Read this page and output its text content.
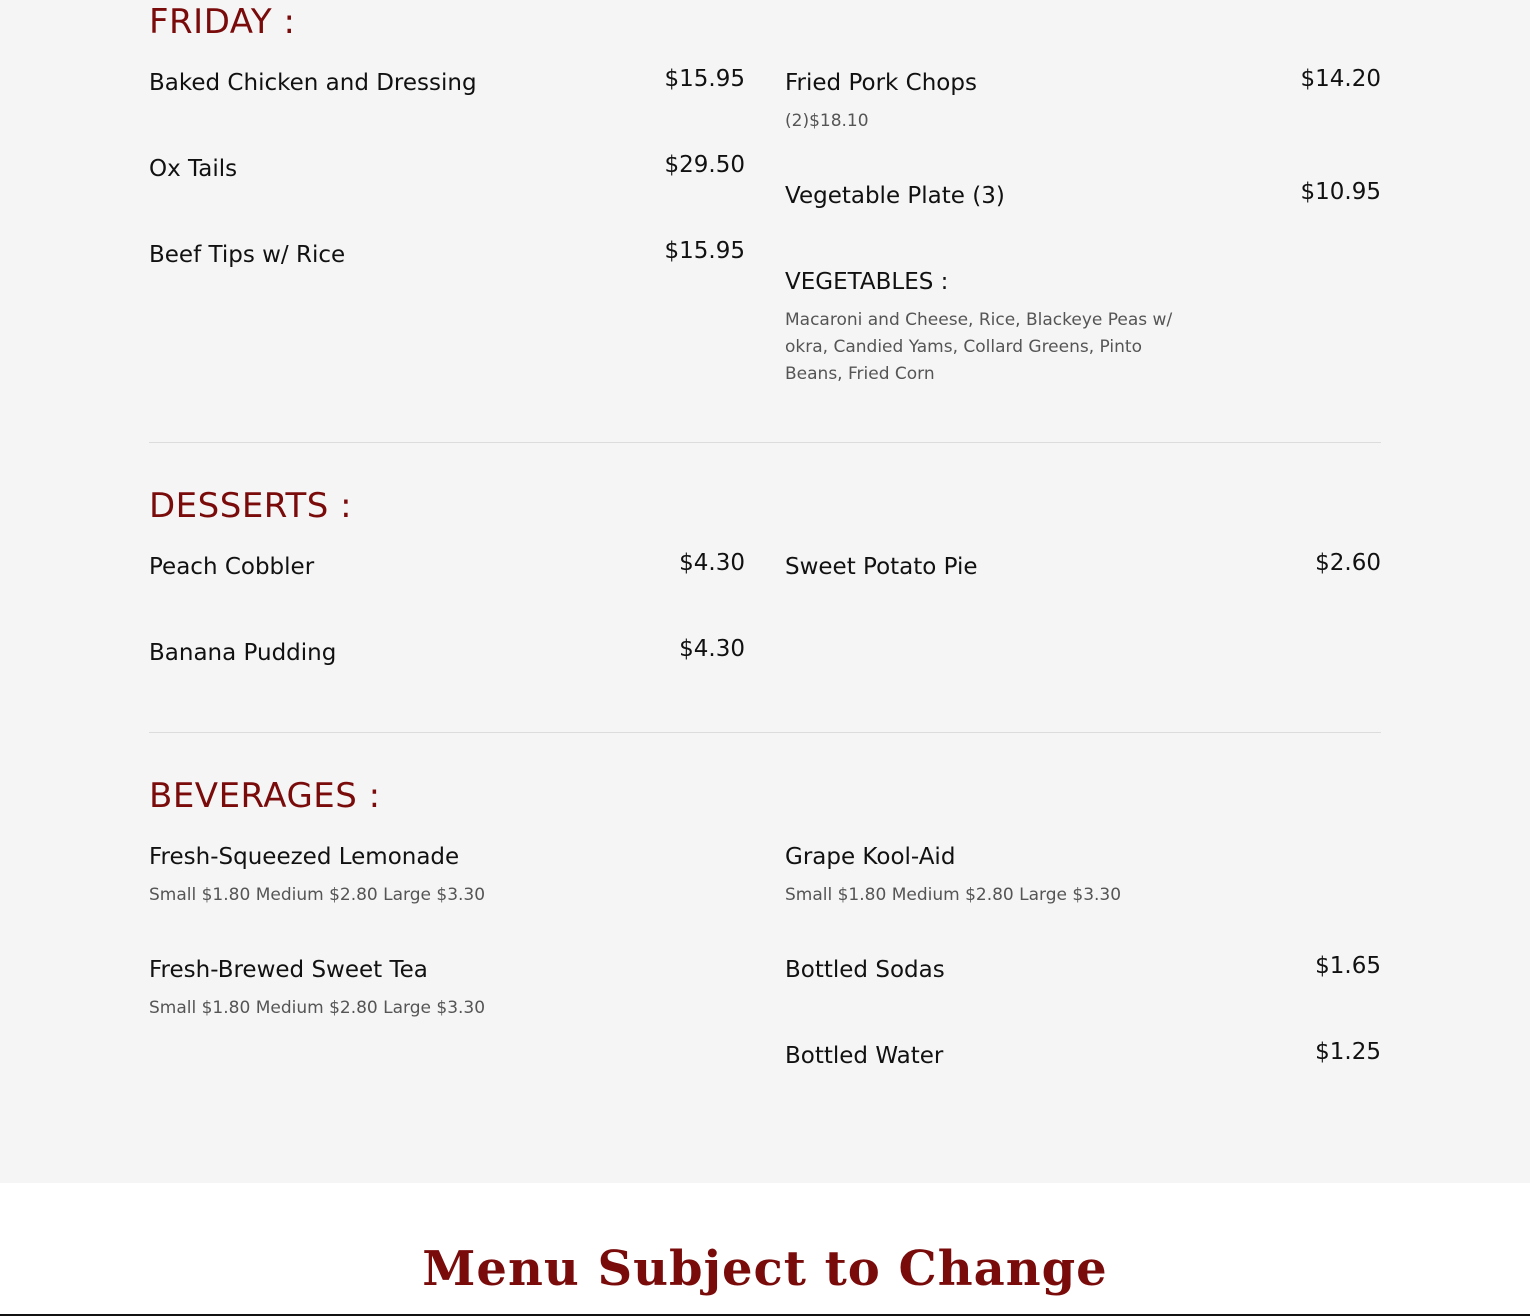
FRIDAY :
Baked Chicken and Dressing	$15.95
Ox Tails	$29.50
Beef Tips w/ Rice	$15.95
Fried Pork Chops	$14.20
(2)$18.10
Vegetable Plate (3)	$10.95
VEGETABLES :
Macaroni and Cheese, Rice, Blackeye Peas w/ okra, Candied Yams, Collard Greens, Pinto Beans, Fried Corn
DESSERTS :
Peach Cobbler	$4.30
Banana Pudding	$4.30
Sweet Potato Pie	$2.60
BEVERAGES :
Fresh-Squeezed Lemonade
Small $1.80 Medium $2.80 Large $3.30
Fresh-Brewed Sweet Tea
Small $1.80 Medium $2.80 Large $3.30
Grape Kool-Aid
Small $1.80 Medium $2.80 Large $3.30
Bottled Sodas	$1.65
Bottled Water	$1.25
Menu Subject to Change
